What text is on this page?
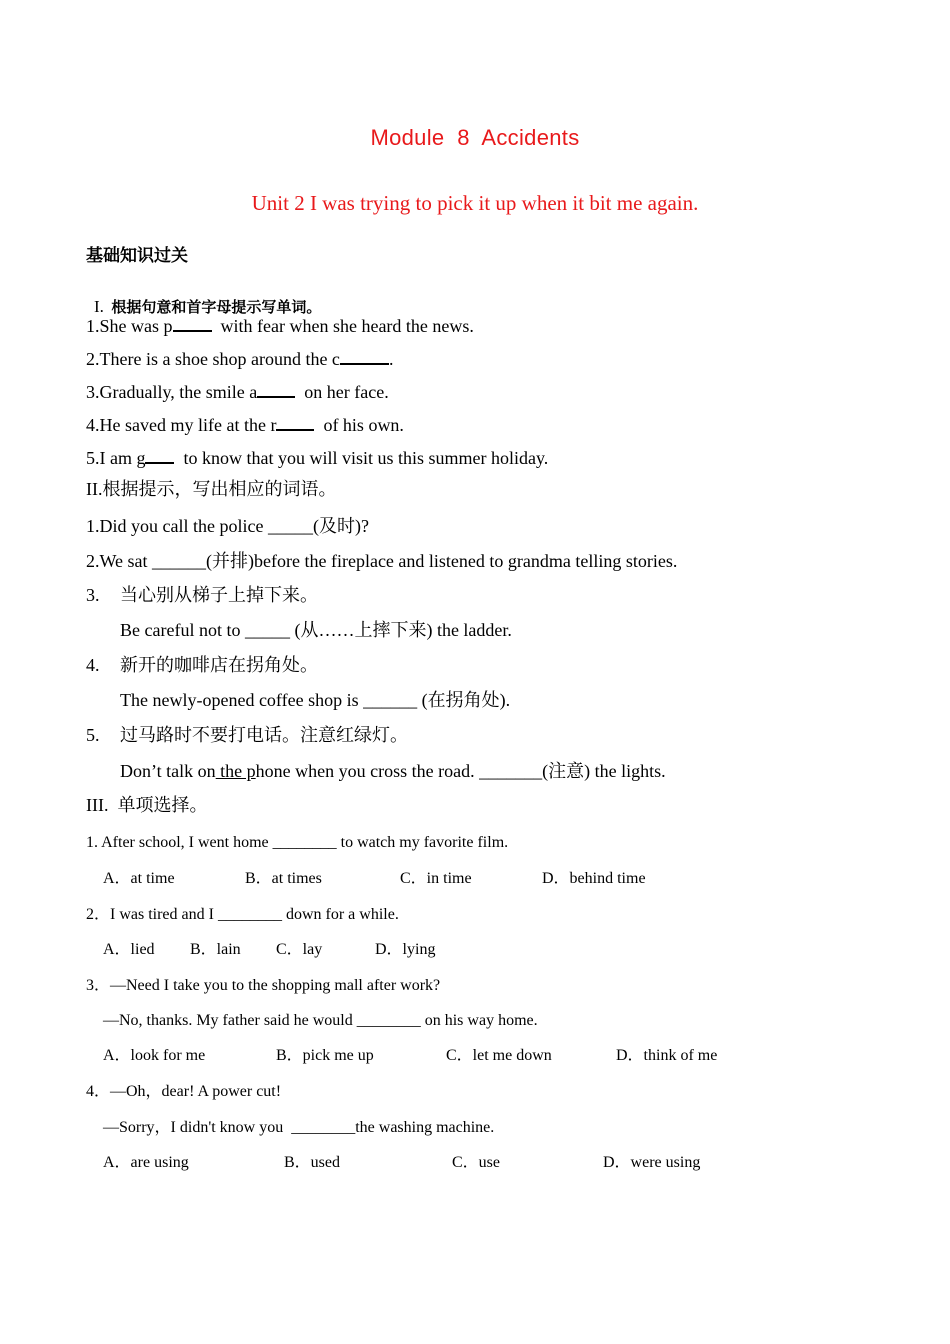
Module  8  Accidents
Unit 2 I was trying to pick it up when it bit me again.
基础知识过关

I. 根据句意和首字母提示写单词。

1.She was p  with fear when she heard the news.
2.There is a shoe shop around the c	.
3.Gradually, the smile a  on her face.
4.He saved my life at the r  of his own.
5.I am g  to know that you will visit us this summer holiday.
II.根据提示，写出相应的词语。
1.Did you call the police _____(及时)?
2.We sat ______(并排)before the fireplace and listened to grandma telling stories.
3. 当心别从梯子上掉下来。
Be careful not to _____ (从……上摔下来) the ladder.
4. 新开的咖啡店在拐角处。
The newly-opened coffee shop is ______ (在拐角处).
5. 过马路时不要打电话。注意红绿灯。
Don’t talk on the phone when you cross the road. _______(注意) the lights.
III.  单项选择。
1. After school, I went home ________ to watch my favorite film.
A．at time	B．at times	C．in time	D．behind time
2．I was tired and I ________ down for a while.
A．lied B．lain C．lay	D．lying
3．—Need I take you to the shopping mall after work?
—No, thanks. My father said he would ________ on his way home.
A．look for me	B．pick me up	C．let me down	D．think of me
4．—Oh，dear! A power cut!
—Sorry，I didn't know you  ________the washing machine.
A．are using	B．used	C．use	D．were using
